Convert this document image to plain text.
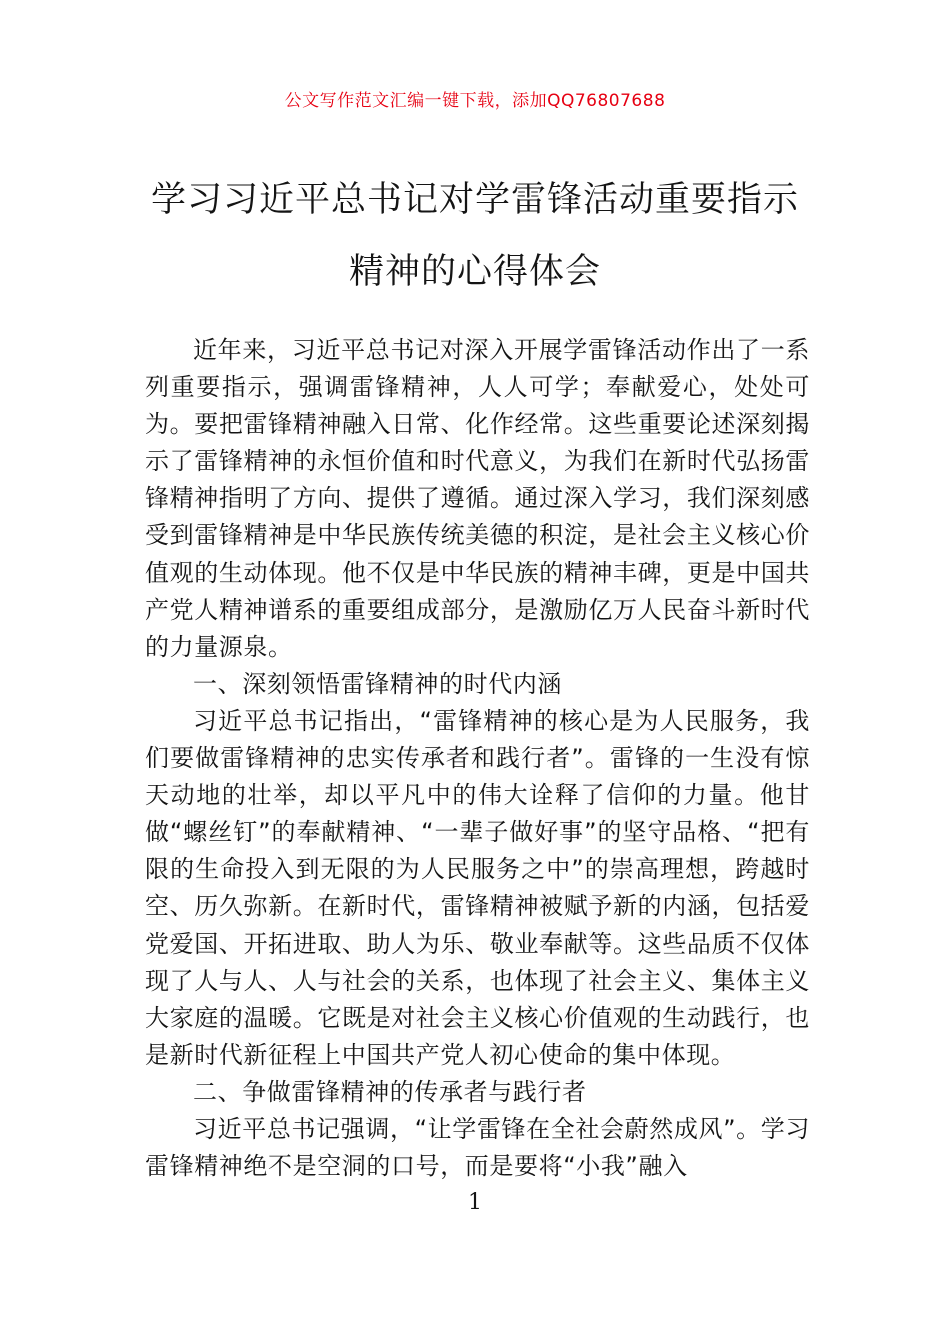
公文写作范文汇编一键下载，添加QQ76807688
学习习近平总书记对学雷锋活动重要指示
精神的心得体会

近年来，习近平总书记对深入开展学雷锋活动作出了一系列重要指示，强调雷锋精神，人人可学；奉献爱心，处处可为。要把雷锋精神融入日常、化作经常。这些重要论述深刻揭示了雷锋精神的永恒价值和时代意义，为我们在新时代弘扬雷锋精神指明了方向、提供了遵循。通过深入学习，我们深刻感受到雷锋精神是中华民族传统美德的积淀，是社会主义核心价值观的生动体现。他不仅是中华民族的精神丰碑，更是中国共产党人精神谱系的重要组成部分，是激励亿万人民奋斗新时代的力量源泉。

一、深刻领悟雷锋精神的时代内涵

习近平总书记指出，“雷锋精神的核心是为人民服务，我们要做雷锋精神的忠实传承者和践行者”。雷锋的一生没有惊天动地的壮举，却以平凡中的伟大诠释了信仰的力量。他甘做“螺丝钉”的奉献精神、“一辈子做好事”的坚守品格、“把有限的生命投入到无限的为人民服务之中”的崇高理想，跨越时空、历久弥新。在新时代，雷锋精神被赋予新的内涵，包括爱党爱国、开拓进取、助人为乐、敬业奉献等。这些品质不仅体现了人与人、人与社会的关系，也体现了社会主义、集体主义大家庭的温暖。它既是对社会主义核心价值观的生动践行，也是新时代新征程上中国共产党人初心使命的集中体现。

二、争做雷锋精神的传承者与践行者

习近平总书记强调，“让学雷锋在全社会蔚然成风”。学习雷锋精神绝不是空洞的口号，而是要将“小我”融入

1
